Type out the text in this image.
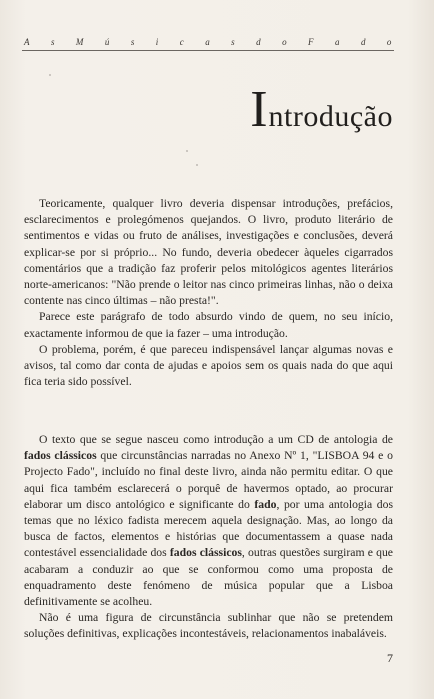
A s M ú s i c a s d o F a d o
Introdução

Teoricamente, qualquer livro deveria dispensar introduções, prefácios, esclarecimentos e prolegómenos quejandos. O livro, produto literário de sentimentos e vidas ou fruto de análises, investigações e conclusões, deverá explicar-se por si próprio... No fundo, deveria obedecer àqueles cigarrados comentários que a tradição faz proferir pelos mitológicos agentes literários norte-americanos: "Não prende o leitor nas cinco primeiras linhas, não o deixa contente nas cinco últimas – não presta!".

Parece este parágrafo de todo absurdo vindo de quem, no seu início, exactamente informou de que ia fazer – uma introdução.

O problema, porém, é que pareceu indispensável lançar algumas novas e avisos, tal como dar conta de ajudas e apoios sem os quais nada do que aqui fica teria sido possível.

O texto que se segue nasceu como introdução a um CD de antologia de fados clássicos que circunstâncias narradas no Anexo Nº 1, "LISBOA 94 e o Projecto Fado", incluído no final deste livro, ainda não permitu editar. O que aqui fica também esclarecerá o porquê de havermos optado, ao procurar elaborar um disco antológico e significante do fado, por uma antologia dos temas que no léxico fadista merecem aquela designação. Mas, ao longo da busca de factos, elementos e histórias que documentassem a quase nada contestável essencialidade dos fados clássicos, outras questões surgiram e que acabaram a conduzir ao que se conformou como uma proposta de enquadramento deste fenómeno de música popular que a Lisboa definitivamente se acolheu.

Não é uma figura de circunstância sublinhar que não se pretendem soluções definitivas, explicações incontestáveis, relacionamentos inabaláveis.

7
